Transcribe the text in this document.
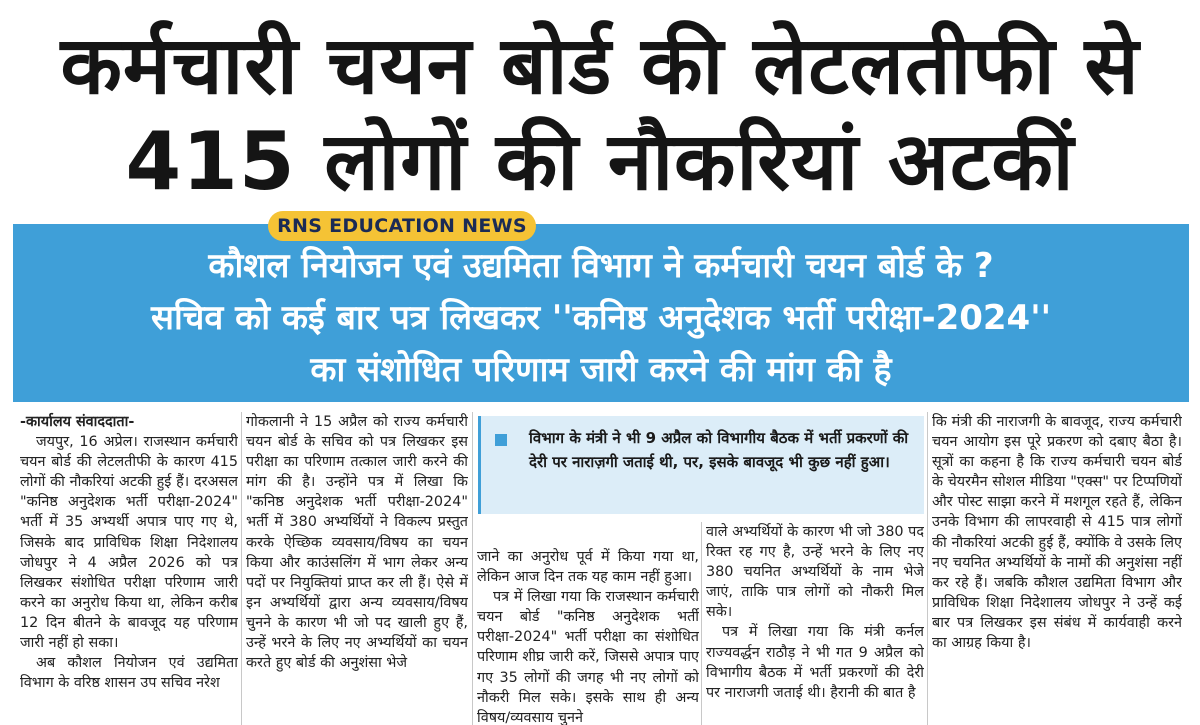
कर्मचारी चयन बोर्ड की लेटलतीफी से
415 लोगों की नौकरियां अटकीं
कौशल नियोजन एवं उद्यमिता विभाग ने कर्मचारी चयन बोर्ड के ?
सचिव को कई बार पत्र लिखकर ''कनिष्ठ अनुदेशक भर्ती परीक्षा-2024''
का संशोधित परिणाम जारी करने की मांग की है
RNS EDUCATION NEWS

-कार्यालय संवाददाता-

जयपुर, 16 अप्रेल। राजस्थान कर्मचारी चयन बोर्ड की लेटलतीफी के कारण 415 लोगों की नौकरियां अटकी हुई हैं। दरअसल "कनिष्ठ अनुदेशक भर्ती परीक्षा-2024" भर्ती में 35 अभ्यर्थी अपात्र पाए गए थे, जिसके बाद प्राविधिक शिक्षा निदेशालय जोधपुर ने 4 अप्रैल 2026 को पत्र लिखकर संशोधित परीक्षा परिणाम जारी करने का अनुरोध किया था, लेकिन करीब 12 दिन बीतने के बावजूद यह परिणाम जारी नहीं हो सका।

अब कौशल नियोजन एवं उद्यमिता विभाग के वरिष्ठ शासन उप सचिव नरेश

गोकलानी ने 15 अप्रैल को राज्य कर्मचारी चयन बोर्ड के सचिव को पत्र लिखकर इस परीक्षा का परिणाम तत्काल जारी करने की मांग की है। उन्होंने पत्र में लिखा कि "कनिष्ठ अनुदेशक भर्ती परीक्षा-2024" भर्ती में 380 अभ्यर्थियों ने विकल्प प्रस्तुत करके ऐच्छिक व्यवसाय/विषय का चयन किया और काउंसलिंग में भाग लेकर अन्य पदों पर नियुक्तियां प्राप्त कर ली हैं। ऐसे में इन अभ्यर्थियों द्वारा अन्य व्यवसाय/विषय चुनने के कारण भी जो पद खाली हुए हैं, उन्हें भरने के लिए नए अभ्यर्थियों का चयन करते हुए बोर्ड की अनुशंसा भेजे

विभाग के मंत्री ने भी 9 अप्रैल को विभागीय बैठक में भर्ती प्रकरणों की देरी पर नाराज़गी जताई थी, पर, इसके बावजूद भी कुछ नहीं हुआ।

जाने का अनुरोध पूर्व में किया गया था, लेकिन आज दिन तक यह काम नहीं हुआ।

पत्र में लिखा गया कि राजस्थान कर्मचारी चयन बोर्ड "कनिष्ठ अनुदेशक भर्ती परीक्षा-2024" भर्ती परीक्षा का संशोधित परिणाम शीघ्र जारी करें, जिससे अपात्र पाए गए 35 लोगों की जगह भी नए लोगों को नौकरी मिल सके। इसके साथ ही अन्य विषय/व्यवसाय चुनने

वाले अभ्यर्थियों के कारण भी जो 380 पद रिक्त रह गए है, उन्हें भरने के लिए नए 380 चयनित अभ्यर्थियों के नाम भेजे जाएं, ताकि पात्र लोगों को नौकरी मिल सके।

पत्र में लिखा गया कि मंत्री कर्नल राज्यवर्द्धन राठौड़ ने भी गत 9 अप्रैल को विभागीय बैठक में भर्ती प्रकरणों की देरी पर नाराजगी जताई थी। हैरानी की बात है

कि मंत्री की नाराजगी के बावजूद, राज्य कर्मचारी चयन आयोग इस पूरे प्रकरण को दबाए बैठा है। सूत्रों का कहना है कि राज्य कर्मचारी चयन बोर्ड के चेयरमैन सोशल मीडिया "एक्स" पर टिप्पणियों और पोस्ट साझा करने में मशगूल रहते हैं, लेकिन उनके विभाग की लापरवाही से 415 पात्र लोगों की नौकरियां अटकी हुई हैं, क्योंकि वे उसके लिए नए चयनित अभ्यर्थियों के नामों की अनुशंसा नहीं कर रहे हैं। जबकि कौशल उद्यमिता विभाग और प्राविधिक शिक्षा निदेशालय जोधपुर ने उन्हें कई बार पत्र लिखकर इस संबंध में कार्यवाही करने का आग्रह किया है।
